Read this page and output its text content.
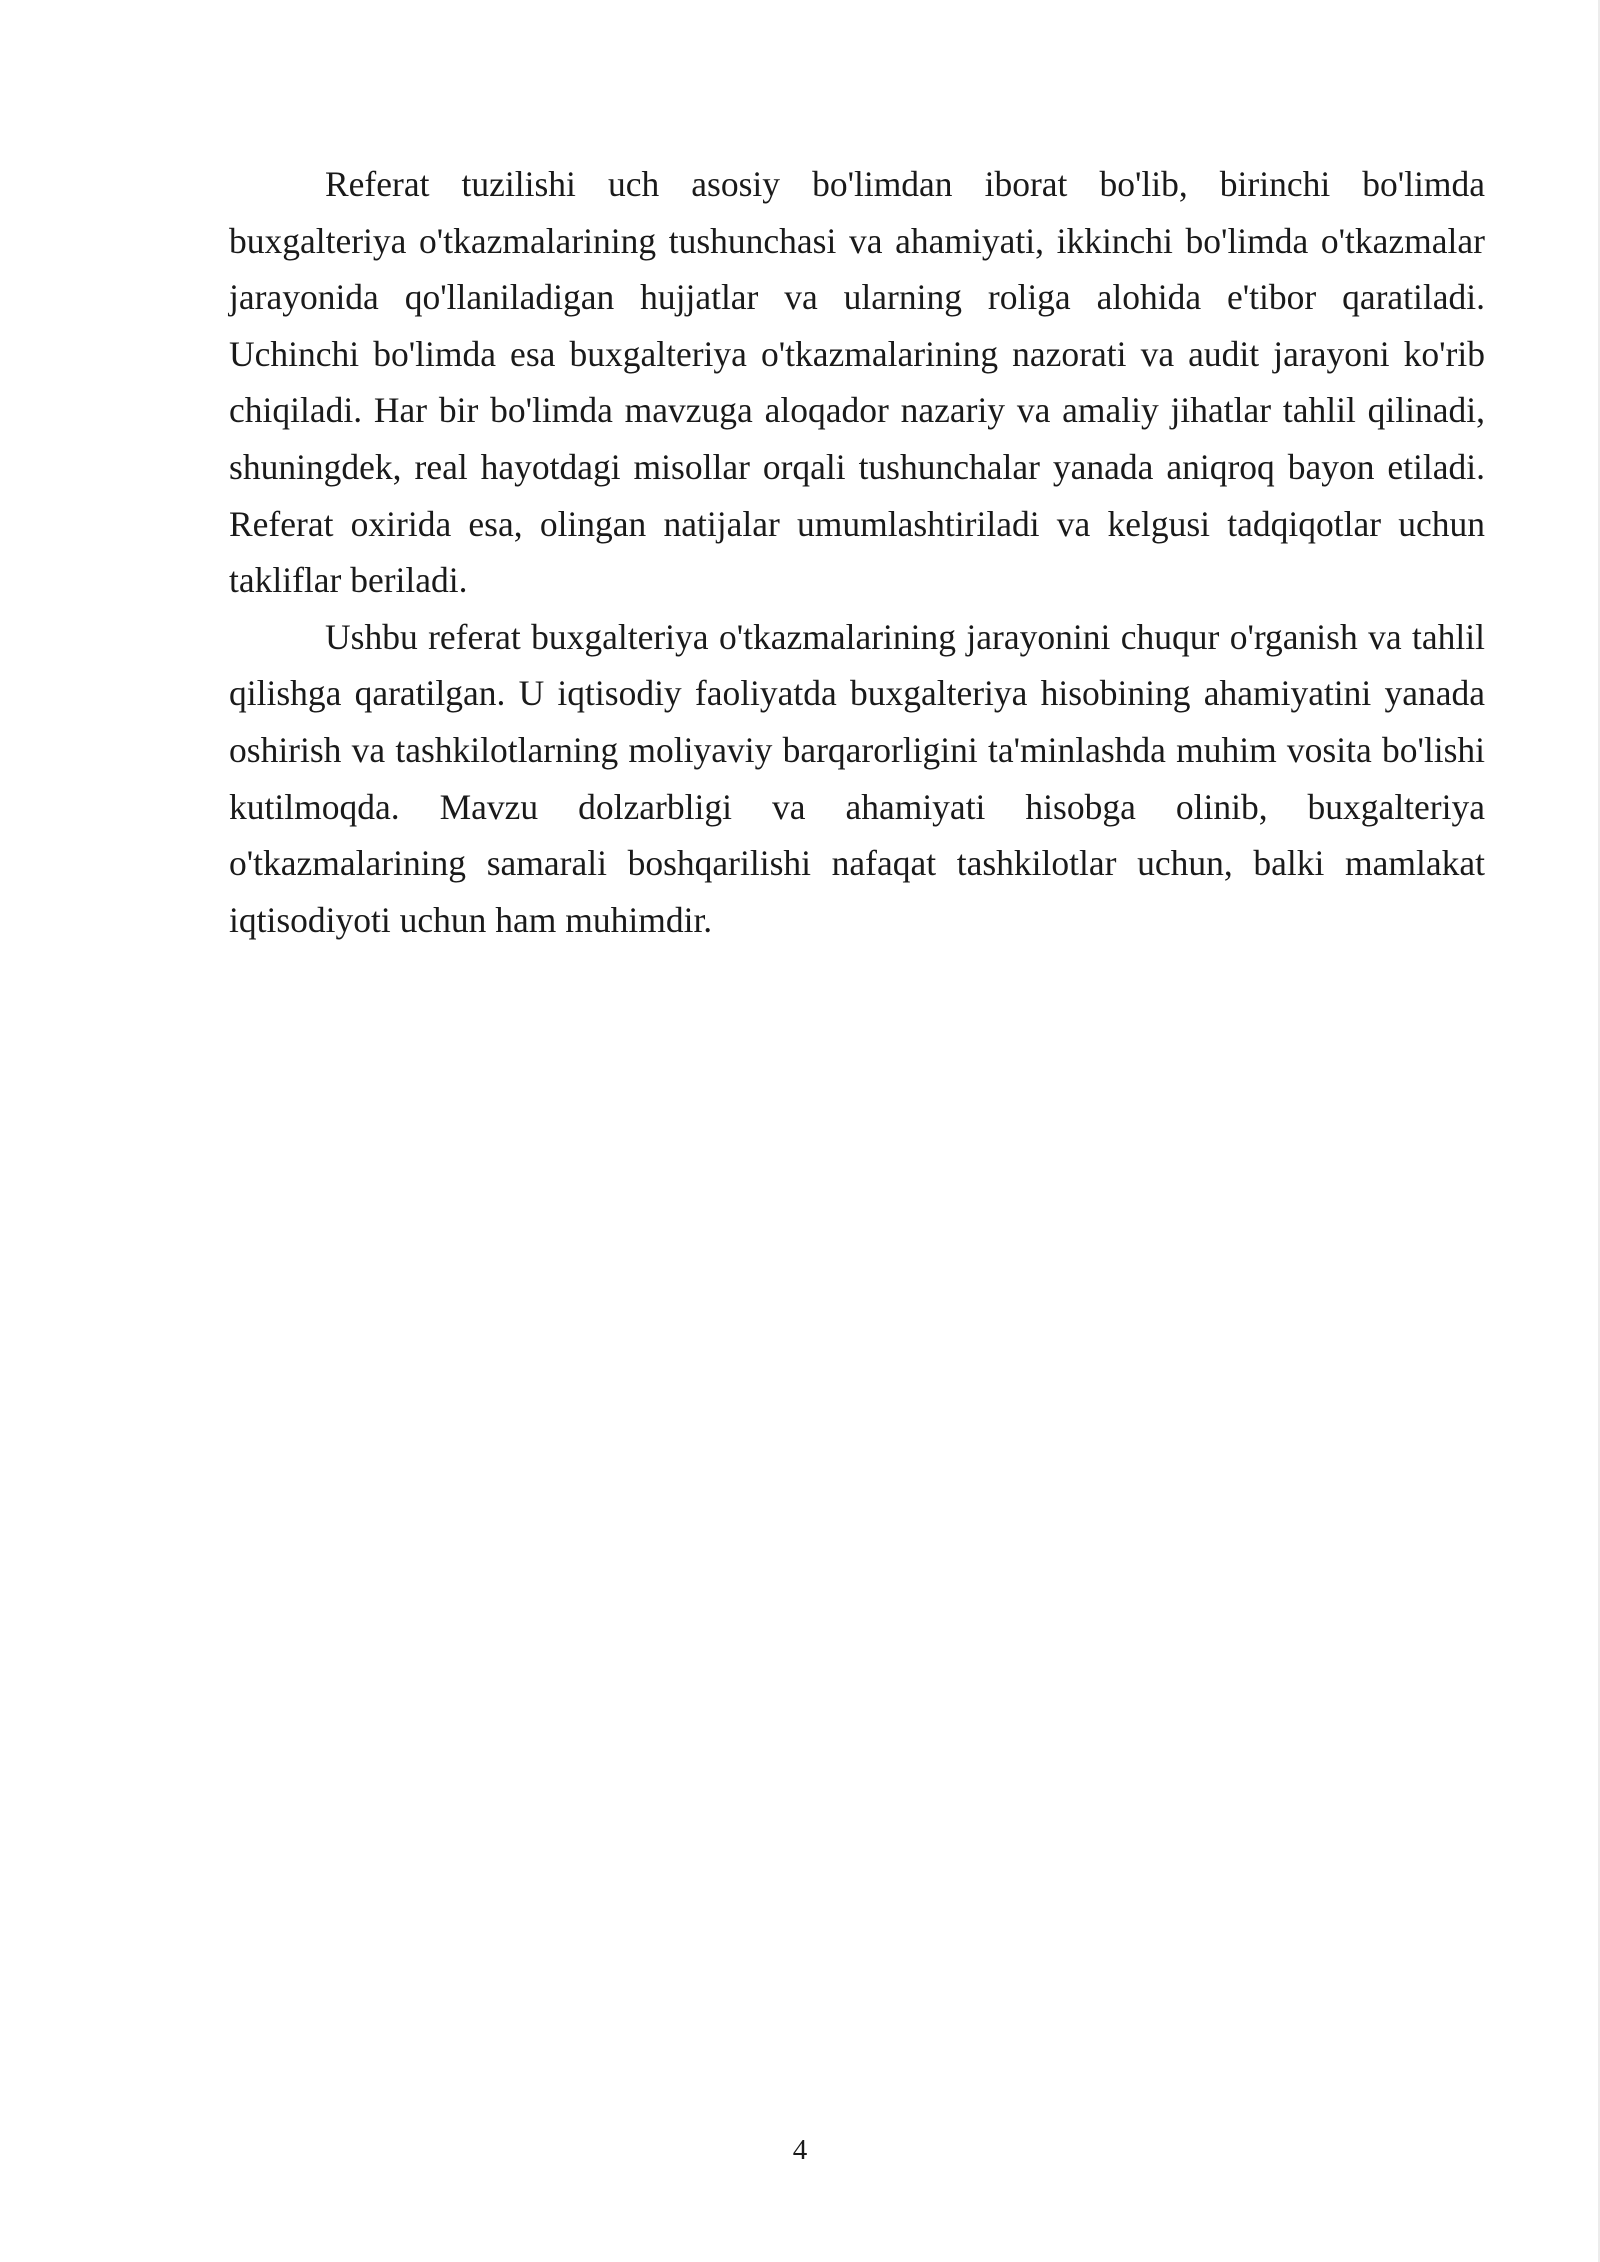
Referat tuzilishi uch asosiy bo'limdan iborat bo'lib, birinchi bo'limda buxgalteriya o'tkazmalarining tushunchasi va ahamiyati, ikkinchi bo'limda o'tkazmalar jarayonida qo'llaniladigan hujjatlar va ularning roliga alohida e'tibor qaratiladi. Uchinchi bo'limda esa buxgalteriya o'tkazmalarining nazorati va audit jarayoni ko'rib chiqiladi. Har bir bo'limda mavzuga aloqador nazariy va amaliy jihatlar tahlil qilinadi, shuningdek, real hayotdagi misollar orqali tushunchalar yanada aniqroq bayon etiladi. Referat oxirida esa, olingan natijalar umumlashtiriladi va kelgusi tadqiqotlar uchun takliflar beriladi.

Ushbu referat buxgalteriya o'tkazmalarining jarayonini chuqur o'rganish va tahlil qilishga qaratilgan. U iqtisodiy faoliyatda buxgalteriya hisobining ahamiyatini yanada oshirish va tashkilotlarning moliyaviy barqarorligini ta'minlashda muhim vosita bo'lishi kutilmoqda. Mavzu dolzarbligi va ahamiyati hisobga olinib, buxgalteriya o'tkazmalarining samarali boshqarilishi nafaqat tashkilotlar uchun, balki mamlakat iqtisodiyoti uchun ham muhimdir.

4
